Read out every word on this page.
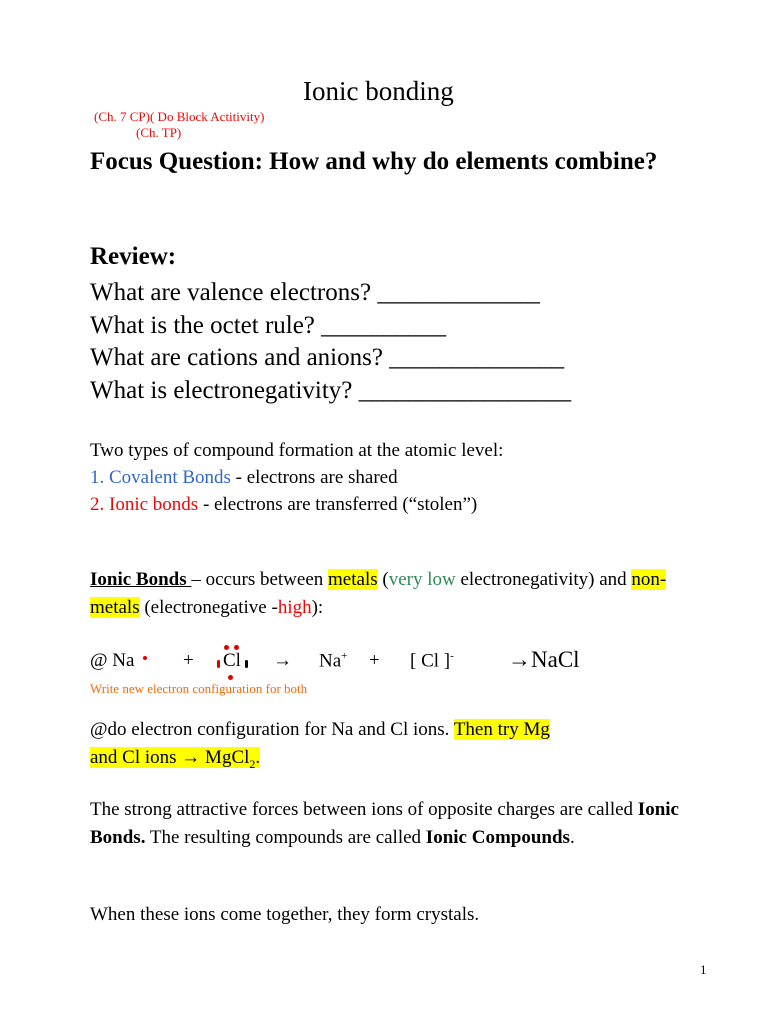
Ionic bonding
(Ch. 7 CP)( Do Block Actitivity)
(Ch. TP)
Focus Question: How and why do elements combine?
Review:
What are valence electrons? _____________
What is the octet rule? __________
What are cations and anions? ______________
What is electronegativity? _________________
Two types of compound formation at the atomic level:
1. Covalent Bonds - electrons are shared
2. Ionic bonds - electrons are transferred (“stolen”)
Ionic Bonds – occurs between metals (very low electronegativity) and non-metals (electronegative -high):
@ Na	+ Cl → Na+ + [ Cl ]- →NaCl
Write new electron configuration for both
@do electron configuration for Na and Cl ions. Then try Mg
and Cl ions → MgCl$_2$.
The strong attractive forces between ions of opposite charges are called Ionic Bonds. The resulting compounds are called Ionic Compounds.
When these ions come together, they form crystals.
1
